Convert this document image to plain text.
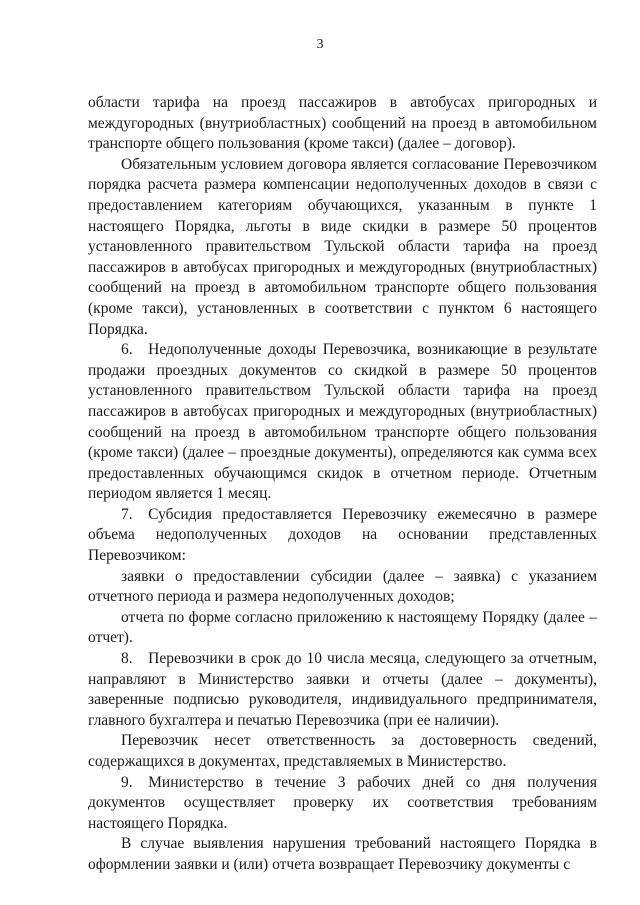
3

области тарифа на проезд пассажиров в автобусах пригородных и междугородных (внутриобластных) сообщений на проезд в автомобильном транспорте общего пользования (кроме такси) (далее – договор).

Обязательным условием договора является согласование Перевозчиком порядка расчета размера компенсации недополученных доходов в связи с предоставлением категориям обучающихся, указанным в пункте 1 настоящего Порядка, льготы в виде скидки в размере 50 процентов установленного правительством Тульской области тарифа на проезд пассажиров в автобусах пригородных и междугородных (внутриобластных) сообщений на проезд в автомобильном транспорте общего пользования (кроме такси), установленных в соответствии с пунктом 6 настоящего Порядка.

6. Недополученные доходы Перевозчика, возникающие в результате продажи проездных документов со скидкой в размере 50 процентов установленного правительством Тульской области тарифа на проезд пассажиров в автобусах пригородных и междугородных (внутриобластных) сообщений на проезд в автомобильном транспорте общего пользования (кроме такси) (далее – проездные документы), определяются как сумма всех предоставленных обучающимся скидок в отчетном периоде. Отчетным периодом является 1 месяц.

7. Субсидия предоставляется Перевозчику ежемесячно в размере объема недополученных доходов на основании представленных Перевозчиком:

заявки о предоставлении субсидии (далее – заявка) с указанием отчетного периода и размера недополученных доходов;

отчета по форме согласно приложению к настоящему Порядку (далее – отчет).

8. Перевозчики в срок до 10 числа месяца, следующего за отчетным, направляют в Министерство заявки и отчеты (далее – документы), заверенные подписью руководителя, индивидуального предпринимателя, главного бухгалтера и печатью Перевозчика (при ее наличии).

Перевозчик несет ответственность за достоверность сведений, содержащихся в документах, представляемых в Министерство.

9. Министерство в течение 3 рабочих дней со дня получения документов осуществляет проверку их соответствия требованиям настоящего Порядка.

В случае выявления нарушения требований настоящего Порядка в оформлении заявки и (или) отчета возвращает Перевозчику документы с
